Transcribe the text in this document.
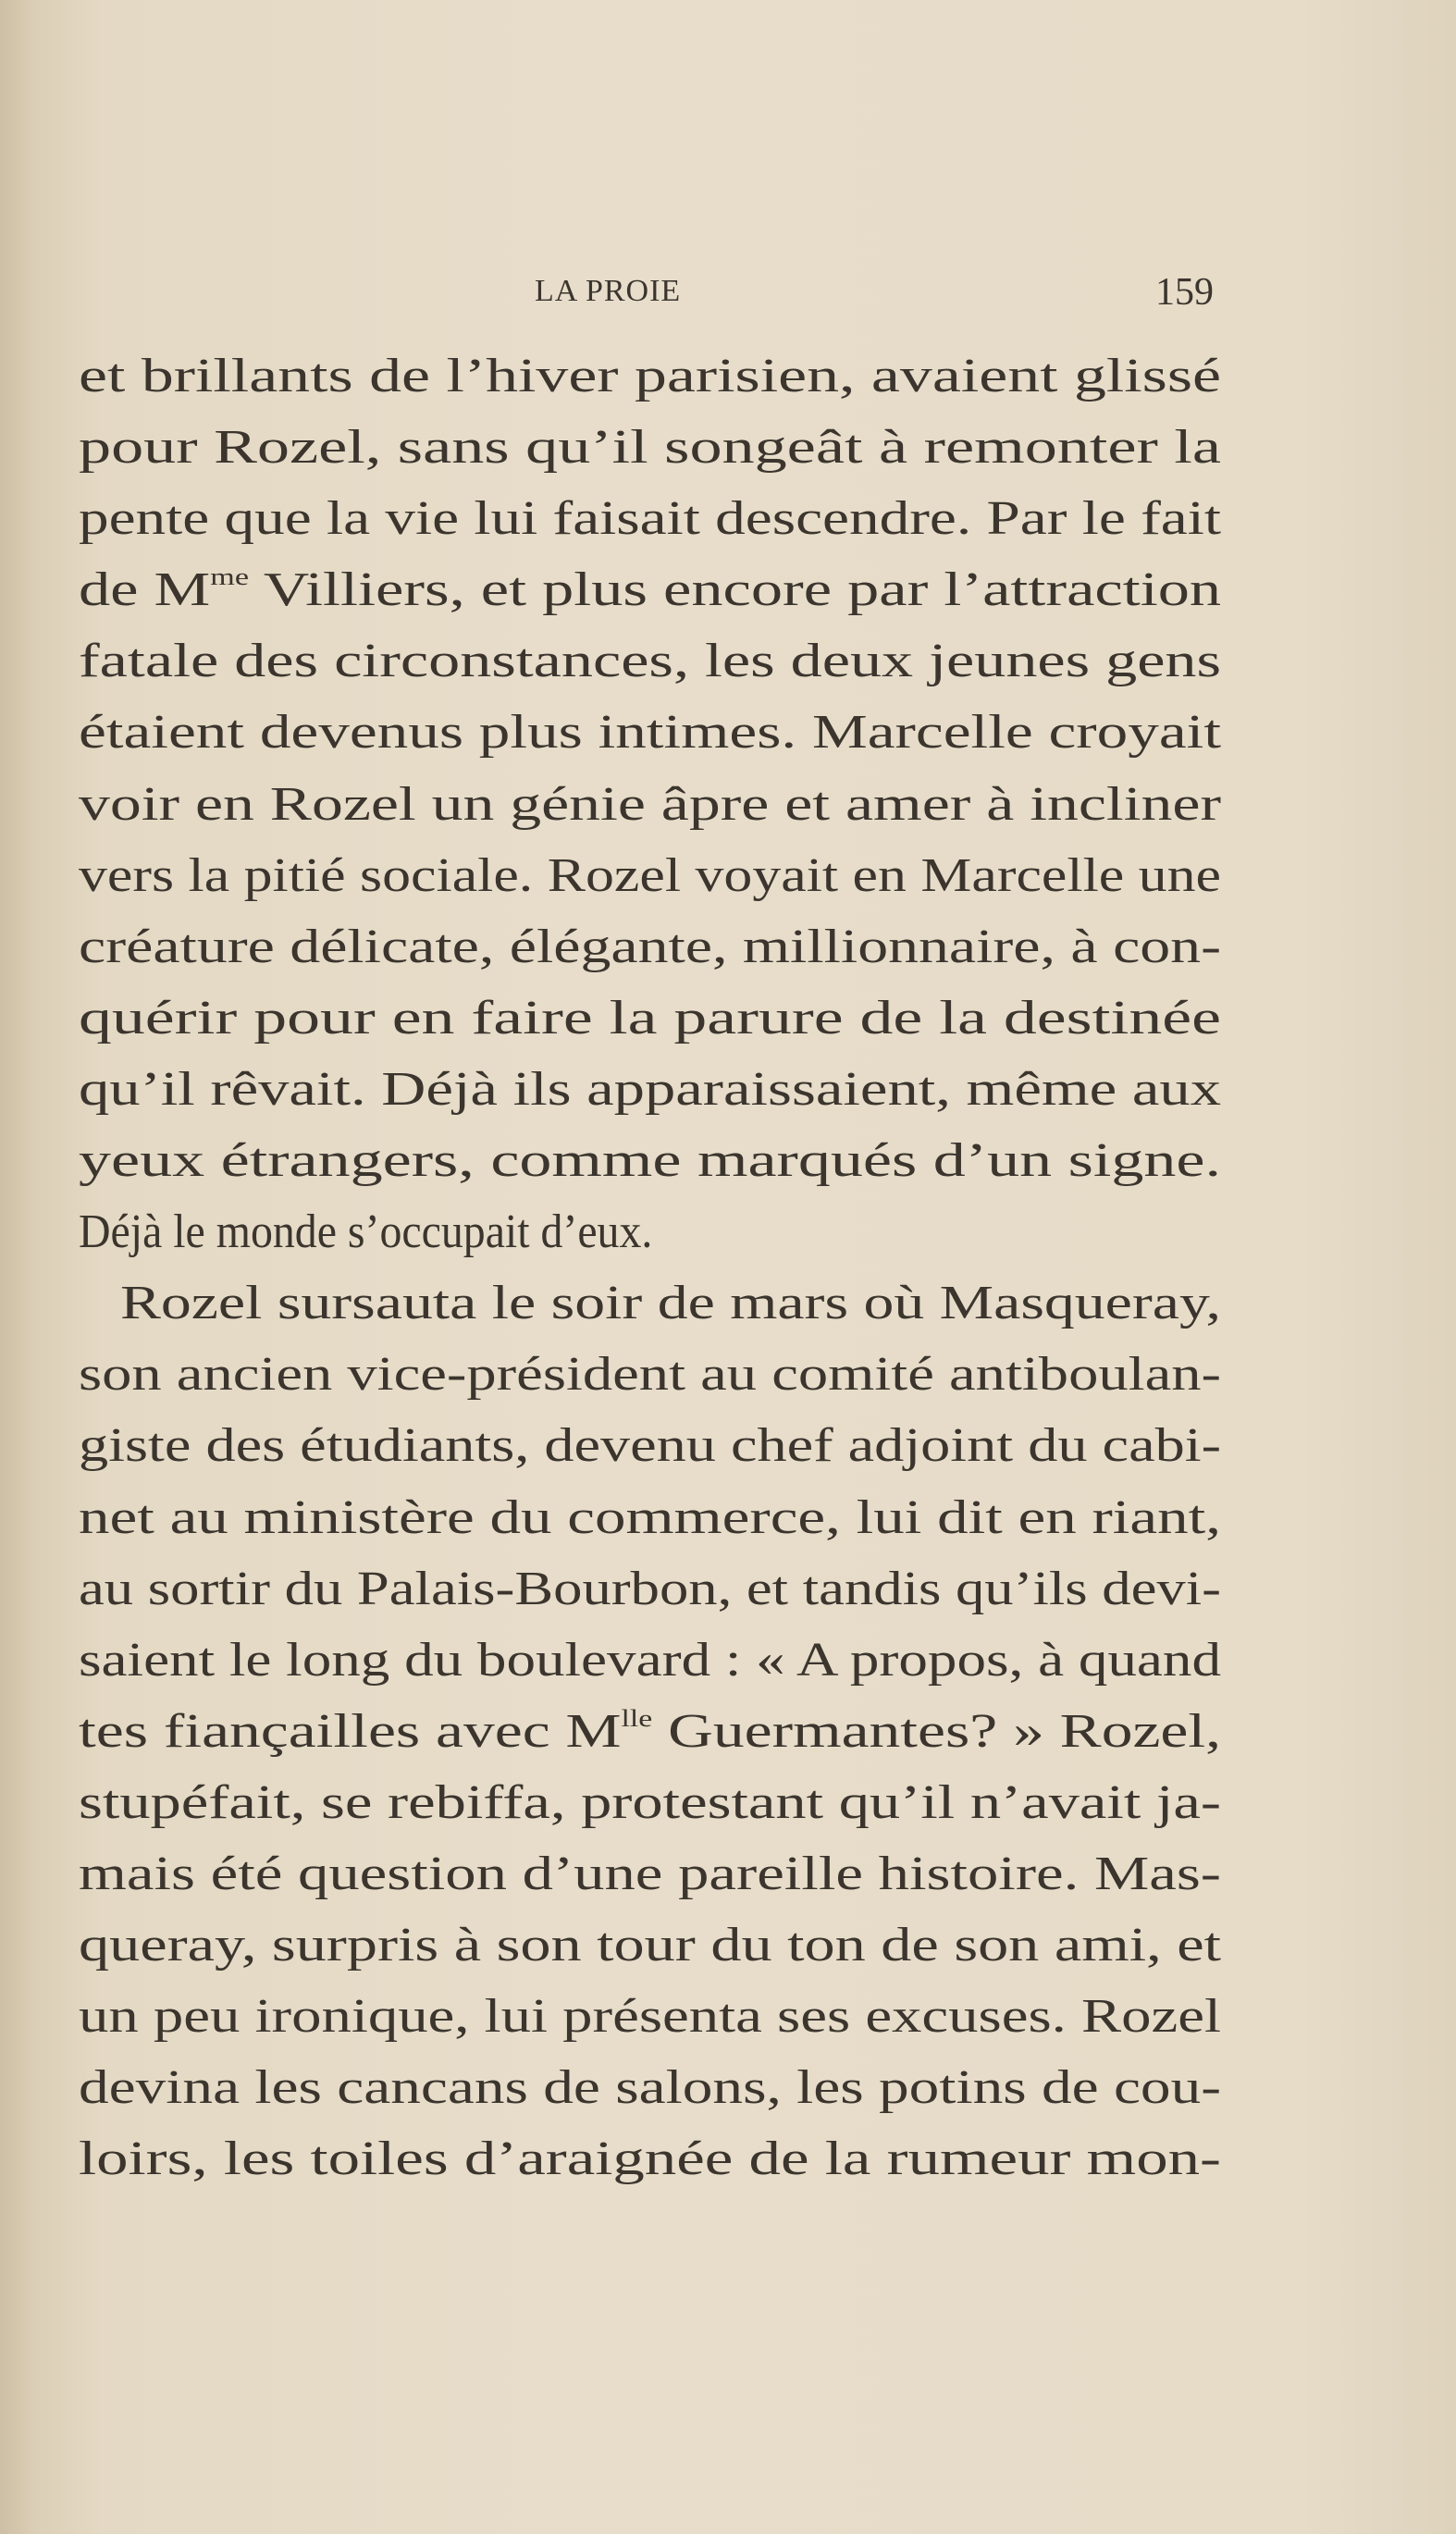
LA PROIE	159
et brillants de l’hiver parisien, avaient glissé
pour Rozel, sans qu’il songeât à remonter la
pente que la vie lui faisait descendre. Par le fait
de $M^{me}$ Villiers, et plus encore par l’attraction
fatale des circonstances, les deux jeunes gens
étaient devenus plus intimes. Marcelle croyait
voir en Rozel un génie âpre et amer à incliner
vers la pitié sociale. Rozel voyait en Marcelle une
créature délicate, élégante, millionnaire, à con-
quérir pour en faire la parure de la destinée
qu’il rêvait. Déjà ils apparaissaient, même aux
yeux étrangers, comme marqués d’un signe.
Déjà le monde s’occupait d’eux.
Rozel sursauta le soir de mars où Masqueray,
son ancien vice-président au comité antiboulan-
giste des étudiants, devenu chef adjoint du cabi-
net au ministère du commerce, lui dit en riant,
au sortir du Palais-Bourbon, et tandis qu’ils devi-
saient le long du boulevard : « A propos, à quand
tes fiançailles avec $M^{lle}$ Guermantes? » Rozel,
stupéfait, se rebiffa, protestant qu’il n’avait ja-
mais été question d’une pareille histoire. Mas-
queray, surpris à son tour du ton de son ami, et
un peu ironique, lui présenta ses excuses. Rozel
devina les cancans de salons, les potins de cou-
loirs, les toiles d’araignée de la rumeur mon-
